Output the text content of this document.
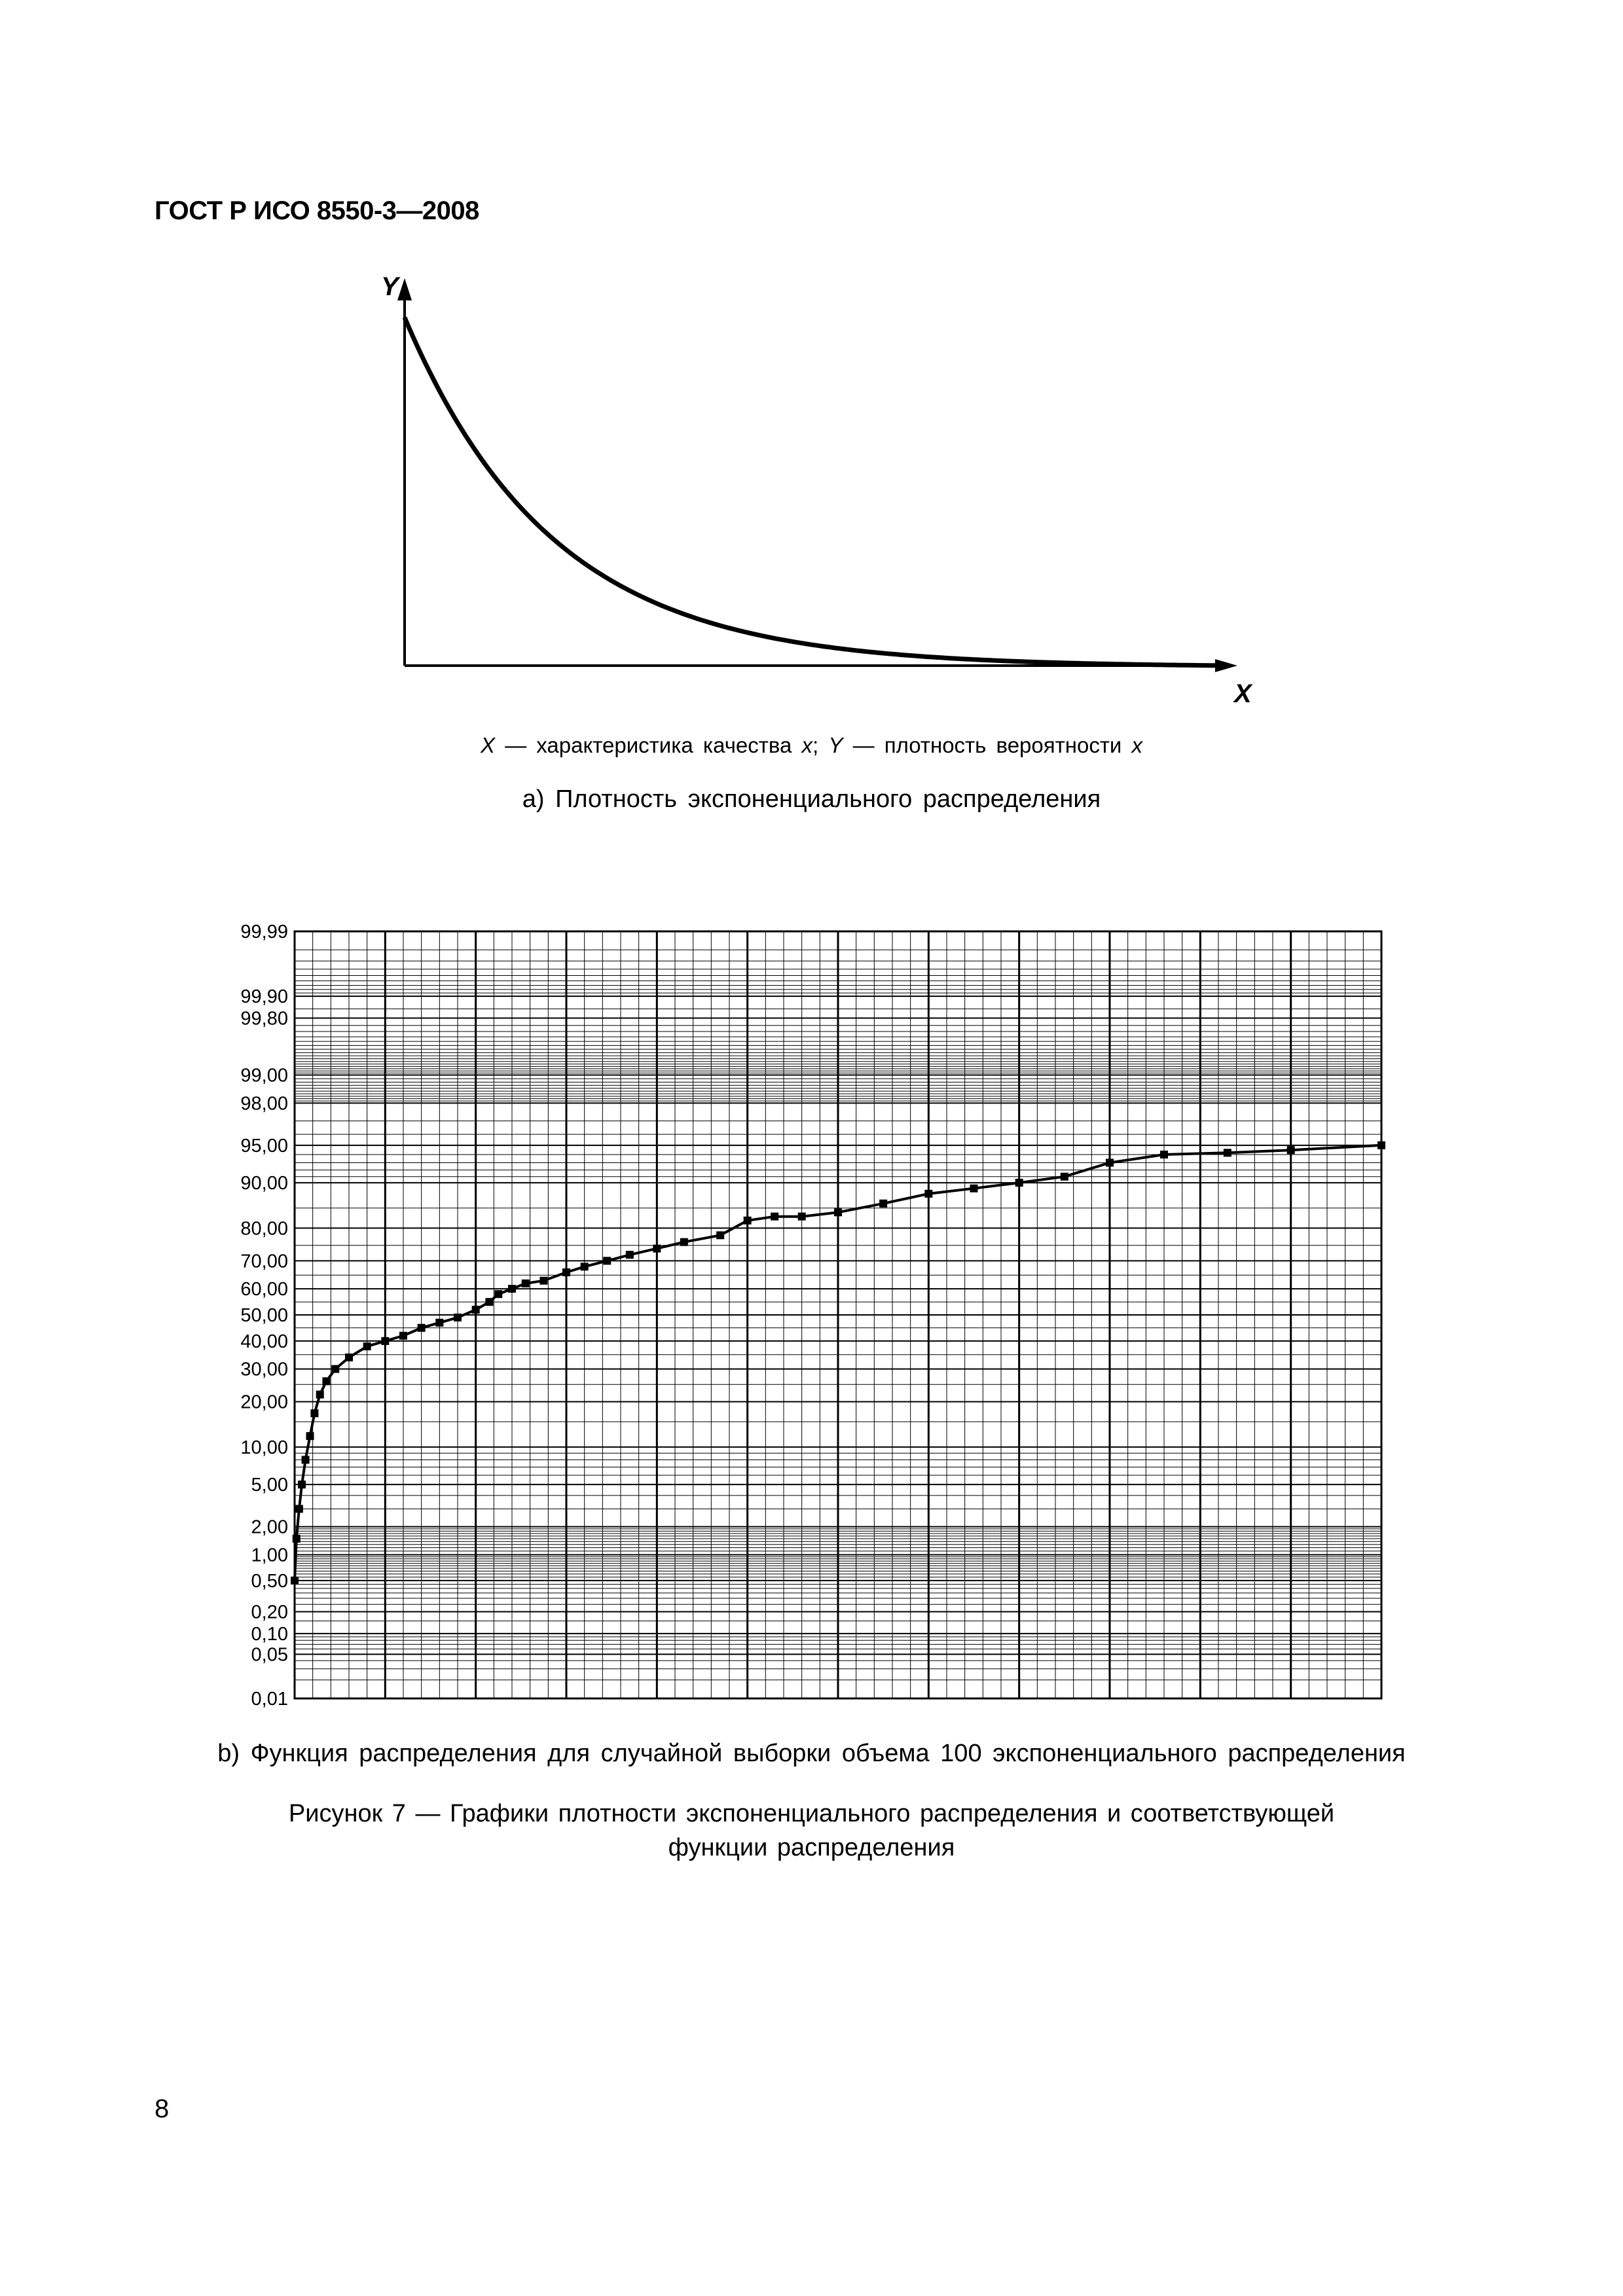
ГОСТ Р ИСО 8550-3—2008
Y
X
X — характеристика качества x; Y — плотность вероятности x
а) Плотность экспоненциального распределения
99,99
99,90
99,80
99,00
98,00
95,00
90,00
80,00
70,00
60,00
50,00
40,00
30,00
20,00
10,00
5,00
2,00
1,00
0,50
0,20
0,10
0,05
0,01
b) Функция распределения для случайной выборки объема 100 экспоненциального распределения
Рисунок 7 — Графики плотности экспоненциального распределения и соответствующей
функции распределения
8
